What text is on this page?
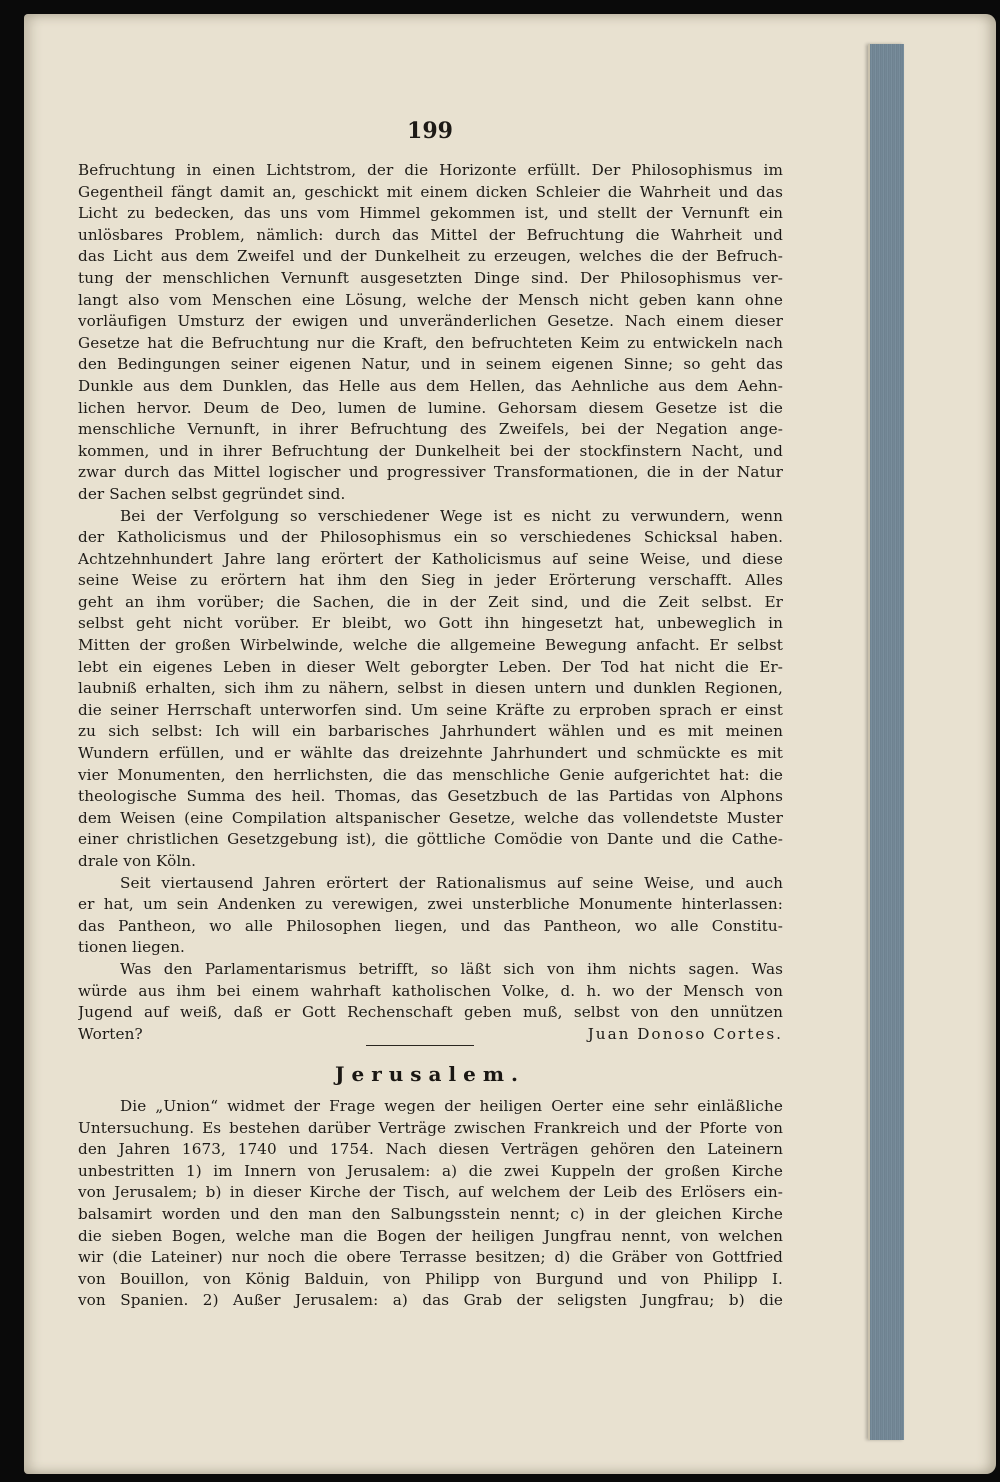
199
Befruchtung in einen Lichtstrom, der die Horizonte erfüllt. Der Philosophismus im
Gegentheil fängt damit an, geschickt mit einem dicken Schleier die Wahrheit und das
Licht zu bedecken, das uns vom Himmel gekommen ist, und stellt der Vernunft ein
unlösbares Problem, nämlich: durch das Mittel der Befruchtung die Wahrheit und
das Licht aus dem Zweifel und der Dunkelheit zu erzeugen, welches die der Befruch-
tung der menschlichen Vernunft ausgesetzten Dinge sind. Der Philosophismus ver-
langt also vom Menschen eine Lösung, welche der Mensch nicht geben kann ohne
vorläufigen Umsturz der ewigen und unveränderlichen Gesetze. Nach einem dieser
Gesetze hat die Befruchtung nur die Kraft, den befruchteten Keim zu entwickeln nach
den Bedingungen seiner eigenen Natur, und in seinem eigenen Sinne; so geht das
Dunkle aus dem Dunklen, das Helle aus dem Hellen, das Aehnliche aus dem Aehn-
lichen hervor. Deum de Deo, lumen de lumine. Gehorsam diesem Gesetze ist die
menschliche Vernunft, in ihrer Befruchtung des Zweifels, bei der Negation ange-
kommen, und in ihrer Befruchtung der Dunkelheit bei der stockfinstern Nacht, und
zwar durch das Mittel logischer und progressiver Transformationen, die in der Natur
der Sachen selbst gegründet sind.
Bei der Verfolgung so verschiedener Wege ist es nicht zu verwundern, wenn
der Katholicismus und der Philosophismus ein so verschiedenes Schicksal haben.
Achtzehnhundert Jahre lang erörtert der Katholicismus auf seine Weise, und diese
seine Weise zu erörtern hat ihm den Sieg in jeder Erörterung verschafft. Alles
geht an ihm vorüber; die Sachen, die in der Zeit sind, und die Zeit selbst. Er
selbst geht nicht vorüber. Er bleibt, wo Gott ihn hingesetzt hat, unbeweglich in
Mitten der großen Wirbelwinde, welche die allgemeine Bewegung anfacht. Er selbst
lebt ein eigenes Leben in dieser Welt geborgter Leben. Der Tod hat nicht die Er-
laubniß erhalten, sich ihm zu nähern, selbst in diesen untern und dunklen Regionen,
die seiner Herrschaft unterworfen sind. Um seine Kräfte zu erproben sprach er einst
zu sich selbst: Ich will ein barbarisches Jahrhundert wählen und es mit meinen
Wundern erfüllen, und er wählte das dreizehnte Jahrhundert und schmückte es mit
vier Monumenten, den herrlichsten, die das menschliche Genie aufgerichtet hat: die
theologische Summa des heil. Thomas, das Gesetzbuch de las Partidas von Alphons
dem Weisen (eine Compilation altspanischer Gesetze, welche das vollendetste Muster
einer christlichen Gesetzgebung ist), die göttliche Comödie von Dante und die Cathe-
drale von Köln.
Seit viertausend Jahren erörtert der Rationalismus auf seine Weise, und auch
er hat, um sein Andenken zu verewigen, zwei unsterbliche Monumente hinterlassen:
das Pantheon, wo alle Philosophen liegen, und das Pantheon, wo alle Constitu-
tionen liegen.
Was den Parlamentarismus betrifft, so läßt sich von ihm nichts sagen. Was
würde aus ihm bei einem wahrhaft katholischen Volke, d. h. wo der Mensch von
Jugend auf weiß, daß er Gott Rechenschaft geben muß, selbst von den unnützen
Worten?	Juan Donoso Cortes.
Jerusalem.
Die „Union“ widmet der Frage wegen der heiligen Oerter eine sehr einläßliche
Untersuchung. Es bestehen darüber Verträge zwischen Frankreich und der Pforte von
den Jahren 1673, 1740 und 1754. Nach diesen Verträgen gehören den Lateinern
unbestritten 1) im Innern von Jerusalem: a) die zwei Kuppeln der großen Kirche
von Jerusalem; b) in dieser Kirche der Tisch, auf welchem der Leib des Erlösers ein-
balsamirt worden und den man den Salbungsstein nennt; c) in der gleichen Kirche
die sieben Bogen, welche man die Bogen der heiligen Jungfrau nennt, von welchen
wir (die Lateiner) nur noch die obere Terrasse besitzen; d) die Gräber von Gottfried
von Bouillon, von König Balduin, von Philipp von Burgund und von Philipp I.
von Spanien. 2) Außer Jerusalem: a) das Grab der seligsten Jungfrau; b) die
